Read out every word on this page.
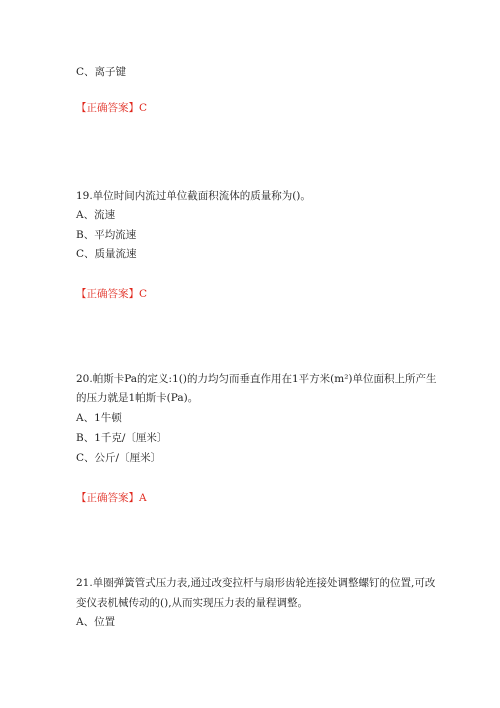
C、离子键
【正确答案】C
19.单位时间内流过单位截面积流体的质量称为()。
A、流速
B、平均流速
C、质量流速
【正确答案】C
20.帕斯卡Pa的定义:1()的力均匀而垂直作用在1平方米(m²)单位面积上所产生
的压力就是1帕斯卡(Pa)。
A、1牛顿
B、1千克/〔厘米〕
C、公斤/〔厘米〕
【正确答案】A
21.单圈弹簧管式压力表,通过改变拉杆与扇形齿轮连接处调整螺钉的位置,可改
变仪表机械传动的(),从而实现压力表的量程调整。
A、位置
